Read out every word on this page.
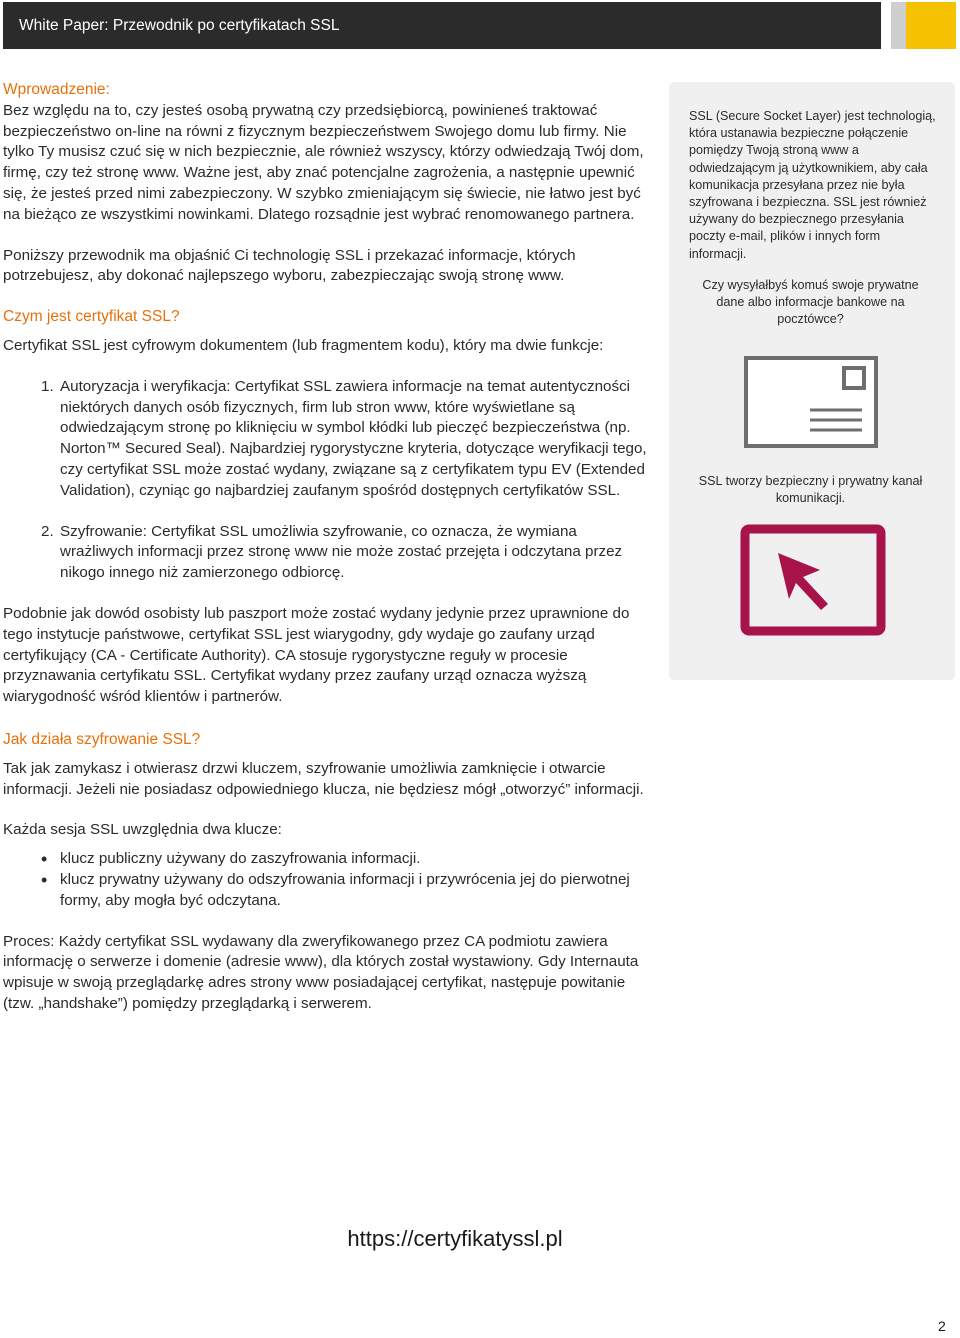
White Paper: Przewodnik po certyfikatach SSL

Wprowadzenie:

Bez względu na to, czy jesteś osobą prywatną czy przedsiębiorcą, powinieneś traktować bezpieczeństwo on-line na równi z fizycznym bezpieczeństwem Swojego domu lub firmy. Nie tylko Ty musisz czuć się w nich bezpiecznie, ale również wszyscy, którzy odwiedzają Twój dom, firmę, czy też stronę www. Ważne jest, aby znać potencjalne zagrożenia, a następnie upewnić się, że jesteś przed nimi zabezpieczony. W szybko zmieniającym się świecie, nie łatwo jest być na bieżąco ze wszystkimi nowinkami. Dlatego rozsądnie jest wybrać renomowanego partnera.

Poniższy przewodnik ma objaśnić Ci technologię SSL i przekazać informacje, których potrzebujesz, aby dokonać najlepszego wyboru, zabezpieczając swoją stronę www.

Czym jest certyfikat SSL?

Certyfikat SSL jest cyfrowym dokumentem (lub fragmentem kodu), który ma dwie funkcje:

1. Autoryzacja i weryfikacja: Certyfikat SSL zawiera informacje na temat autentyczności niektórych danych osób fizycznych, firm lub stron www, które wyświetlane są odwiedzającym stronę po kliknięciu w symbol kłódki lub pieczęć bezpieczeństwa (np. Norton™ Secured Seal). Najbardziej rygorystyczne kryteria, dotyczące weryfikacji tego, czy certyfikat SSL może zostać wydany, związane są z certyfikatem typu EV (Extended Validation), czyniąc go najbardziej zaufanym spośród dostępnych certyfikatów SSL.
2. Szyfrowanie: Certyfikat SSL umożliwia szyfrowanie, co oznacza, że wymiana wrażliwych informacji przez stronę www nie może zostać przejęta i odczytana przez nikogo innego niż zamierzonego odbiorcę.

Podobnie jak dowód osobisty lub paszport może zostać wydany jedynie przez uprawnione do tego instytucje państwowe, certyfikat SSL jest wiarygodny, gdy wydaje go zaufany urząd certyfikujący (CA - Certificate Authority). CA stosuje rygorystyczne reguły w procesie przyznawania certyfikatu SSL. Certyfikat wydany przez zaufany urząd oznacza wyższą wiarygodność wśród klientów i partnerów.

Jak działa szyfrowanie SSL?

Tak jak zamykasz i otwierasz drzwi kluczem, szyfrowanie umożliwia zamknięcie i otwarcie informacji. Jeżeli nie posiadasz odpowiedniego klucza, nie będziesz mógł „otworzyć” informacji.

Każda sesja SSL uwzględnia dwa klucze:

• klucz publiczny używany do zaszyfrowania informacji.
• klucz prywatny używany do odszyfrowania informacji i przywrócenia jej do pierwotnej formy, aby mogła być odczytana.

Proces: Każdy certyfikat SSL wydawany dla zweryfikowanego przez CA podmiotu zawiera informację o serwerze i domenie (adresie www), dla których został wystawiony. Gdy Internauta wpisuje w swoją przeglądarkę adres strony www posiadającej certyfikat, następuje powitanie (tzw. „handshake”) pomiędzy przeglądarką i serwerem.

SSL (Secure Socket Layer) jest technologią, która ustanawia bezpieczne połączenie pomiędzy Twoją stroną www a odwiedzającym ją użytkownikiem, aby cała komunikacja przesyłana przez nie była szyfrowana i bezpieczna. SSL jest również używany do bezpiecznego przesyłania poczty e-mail, plików i innych form informacji.
Czy wysyłałbyś komuś swoje prywatne dane albo informacje bankowe na pocztówce?
SSL tworzy bezpieczny i prywatny kanał komunikacji.
https://certyfikatyssl.pl
2
